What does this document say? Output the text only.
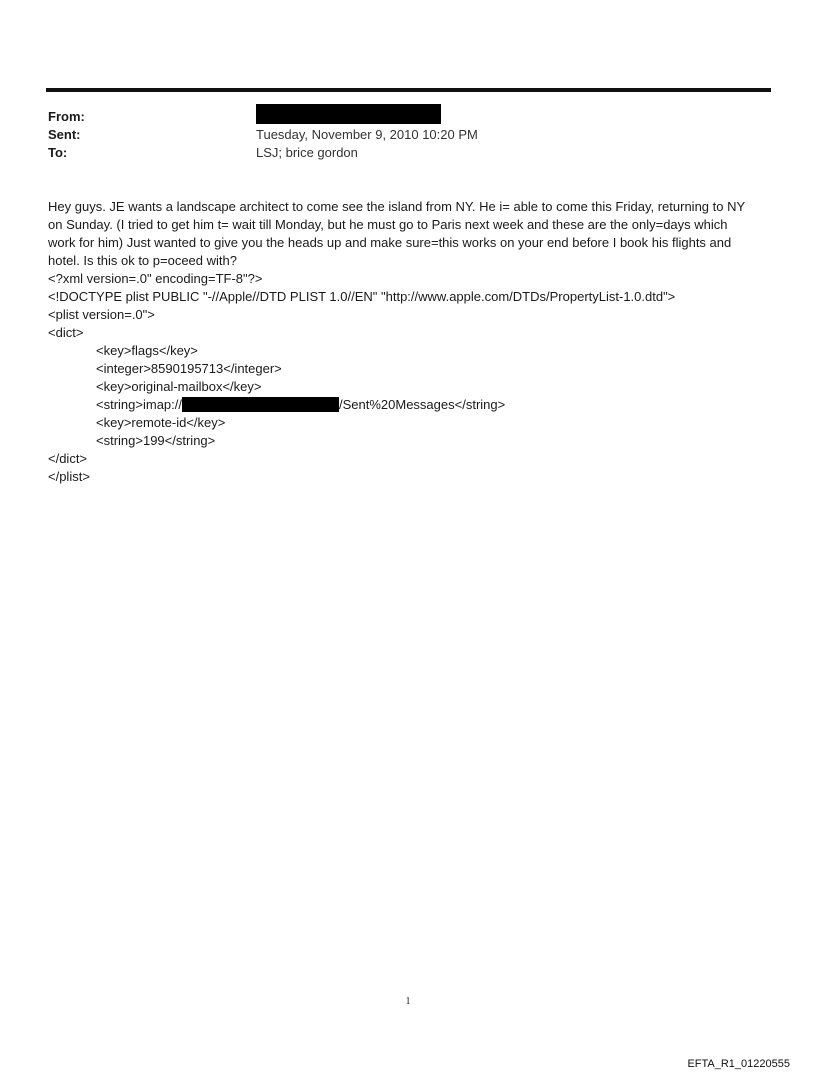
From:
Sent:	Tuesday, November 9, 2010 10:20 PM
To:	LSJ; brice gordon
Hey guys. JE wants a landscape architect to come see the island from NY. He i= able to come this Friday, returning to NY
on Sunday. (I tried to get him t= wait till Monday, but he must go to Paris next week and these are the only=days which
work for him) Just wanted to give you the heads up and make sure=this works on your end before I book his flights and
hotel. Is this ok to p=oceed with?
<?xml version=.0" encoding=TF-8"?>
<!DOCTYPE plist PUBLIC "-//Apple//DTD PLIST 1.0//EN" "http://www.apple.com/DTDs/PropertyList-1.0.dtd">
<plist version=.0">
<dict>
<key>flags</key>
<integer>8590195713</integer>
<key>original-mailbox</key>
<string>imap://	/Sent%20Messages</string>
<key>remote-id</key>
<string>199</string>
</dict>
</plist>
1
EFTA_R1_01220555
